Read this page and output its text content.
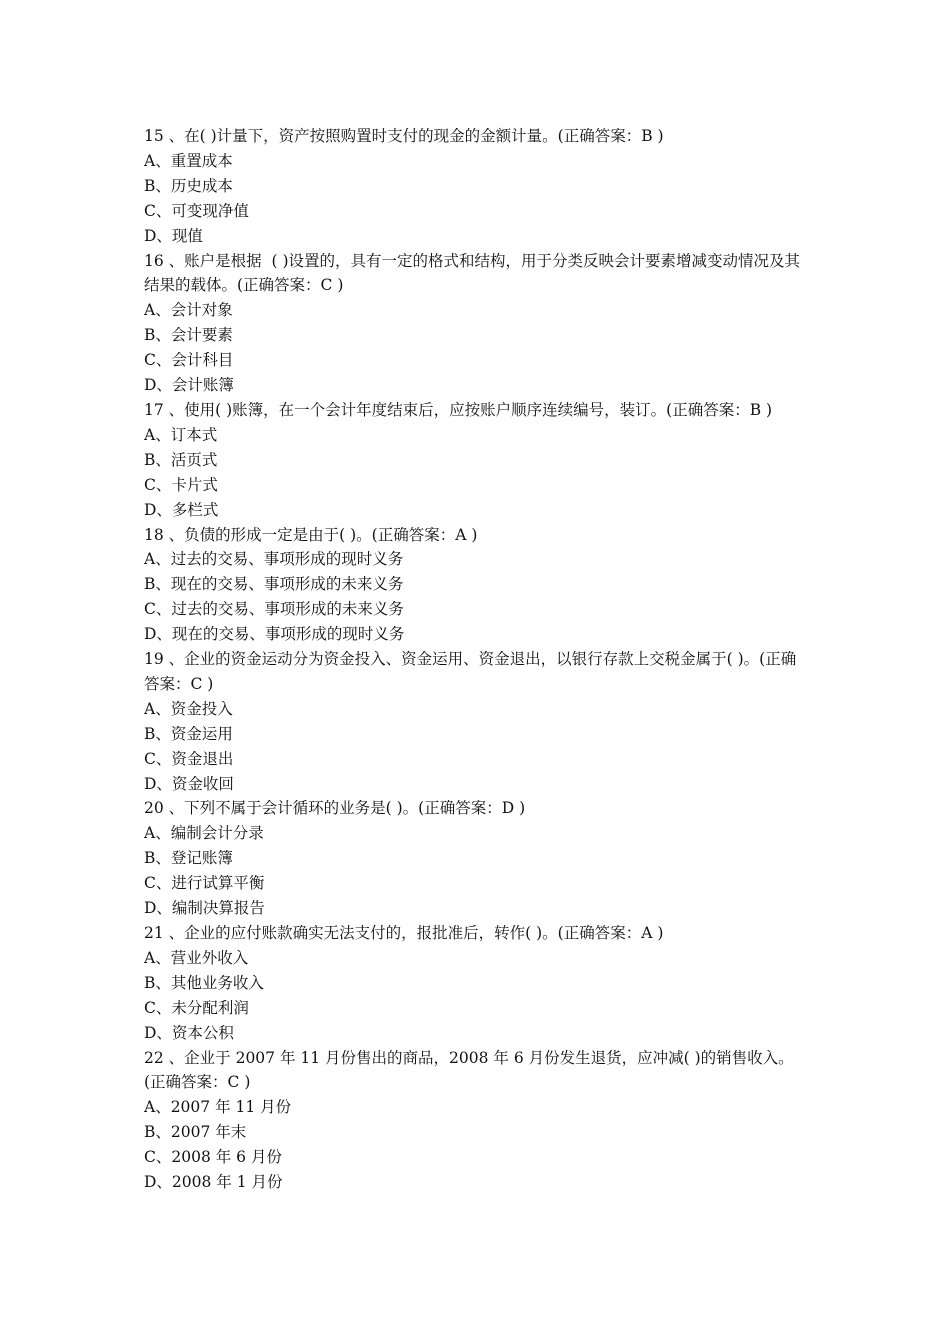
15 、在( )计量下，资产按照购置时支付的现金的金额计量。(正确答案：B )
A、重置成本
B、历史成本
C、可变现净值
D、现值
16 、账户是根据  ( )设置的，具有一定的格式和结构，用于分类反映会计要素增减变动情况及其结果的载体。(正确答案：C )
A、会计对象
B、会计要素
C、会计科目
D、会计账簿
17 、使用( )账簿，在一个会计年度结束后，应按账户顺序连续编号，装订。(正确答案：B )
A、订本式
B、活页式
C、卡片式
D、多栏式
18 、负债的形成一定是由于( )。(正确答案：A )
A、过去的交易、事项形成的现时义务
B、现在的交易、事项形成的未来义务
C、过去的交易、事项形成的未来义务
D、现在的交易、事项形成的现时义务
19 、企业的资金运动分为资金投入、资金运用、资金退出，以银行存款上交税金属于( )。(正确答案：C )
A、资金投入
B、资金运用
C、资金退出
D、资金收回
20 、下列不属于会计循环的业务是( )。(正确答案：D )
A、编制会计分录
B、登记账簿
C、进行试算平衡
D、编制决算报告
21 、企业的应付账款确实无法支付的，报批准后，转作( )。(正确答案：A )
A、营业外收入
B、其他业务收入
C、未分配利润
D、资本公积
22 、企业于 2007 年 11 月份售出的商品，2008 年 6 月份发生退货，应冲减( )的销售收入。(正确答案：C )
A、2007 年 11 月份
B、2007 年末
C、2008 年 6 月份
D、2008 年 1 月份
